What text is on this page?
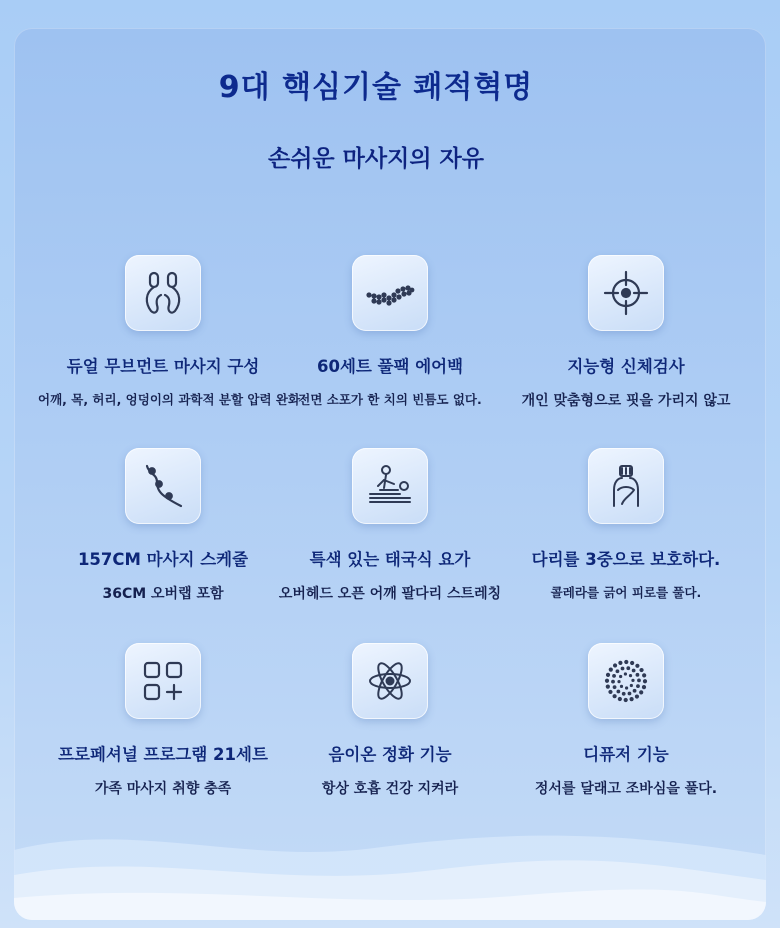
9대 핵심기술 쾌적혁명
손쉬운 마사지의 자유
듀얼 무브먼트 마사지 구성
어깨, 목, 허리, 엉덩이의 과학적 분할 압력 완화
60세트 풀팩 에어백
전면 소포가 한 치의 빈틈도 없다.
지능형 신체검사
개인 맞춤형으로 핏을 가리지 않고
157CM 마사지 스케줄
36CM 오버랩 포함
특색 있는 태국식 요가
오버헤드 오픈 어깨 팔다리 스트레칭
다리를 3중으로 보호하다.
콜레라를 긁어 피로를 풀다.
프로페셔널 프로그램 21세트
가족 마사지 취향 충족
음이온 정화 기능
항상 호흡 건강 지켜라
디퓨저 기능
정서를 달래고 조바심을 풀다.
